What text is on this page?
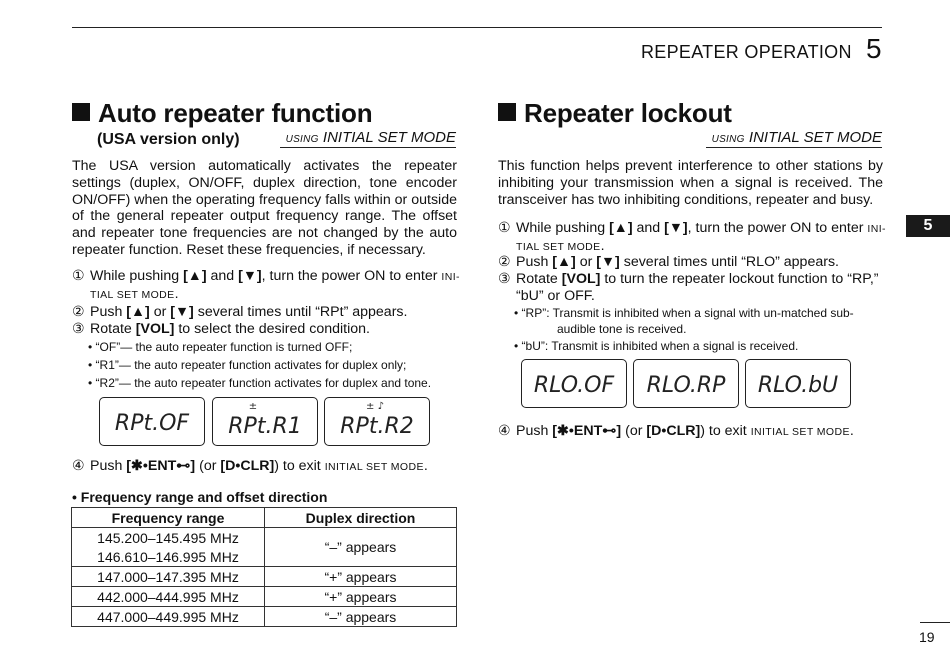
REPEATER OPERATION 5
5
Auto repeater function
(USA version only)	USING INITIAL SET MODE
The USA version automatically activates the repeater settings (duplex, ON/OFF, duplex direction, tone encoder ON/OFF) when the operating frequency falls within or outside of the general repeater output frequency range. The offset and repeater tone frequencies are not changed by the auto repeater function. Reset these frequencies, if necessary.
① While pushing [▲] and [▼], turn the power ON to enter INI-
TIAL SET MODE.
② Push [▲] or [▼] several times until “RPt” appears.
③ Rotate [VOL] to select the desired condition.
• “OF”— the auto repeater function is turned OFF;
• “R1”— the auto repeater function activates for duplex only;
• “R2”— the auto repeater function activates for duplex and tone.
RPt.OF
±
RPt.R1
± ♪
RPt.R2
④ Push [✱•ENT⊷] (or [D•CLR]) to exit INITIAL SET MODE.
• Frequency range and offset direction
Frequency range	Duplex direction
145.200–145.495 MHz	“–” appears
146.610–146.995 MHz	
147.000–147.395 MHz	“+” appears
442.000–444.995 MHz	“+” appears
447.000–449.995 MHz	“–” appears
Repeater lockout
USING INITIAL SET MODE
This function helps prevent interference to other stations by inhibiting your transmission when a signal is received. The transceiver has two inhibiting conditions, repeater and busy.
① While pushing [▲] and [▼], turn the power ON to enter INI-
TIAL SET MODE.
② Push [▲] or [▼] several times until “RLO” appears.
③ Rotate [VOL] to turn the repeater lockout function to “RP,”
“bU” or OFF.
• “RP”: Transmit is inhibited when a signal with un-matched sub-
audible tone is received.
• “bU”: Transmit is inhibited when a signal is received.
RLO.OF RLO.RP RLO.bU
④ Push [✱•ENT⊷] (or [D•CLR]) to exit INITIAL SET MODE.
19
